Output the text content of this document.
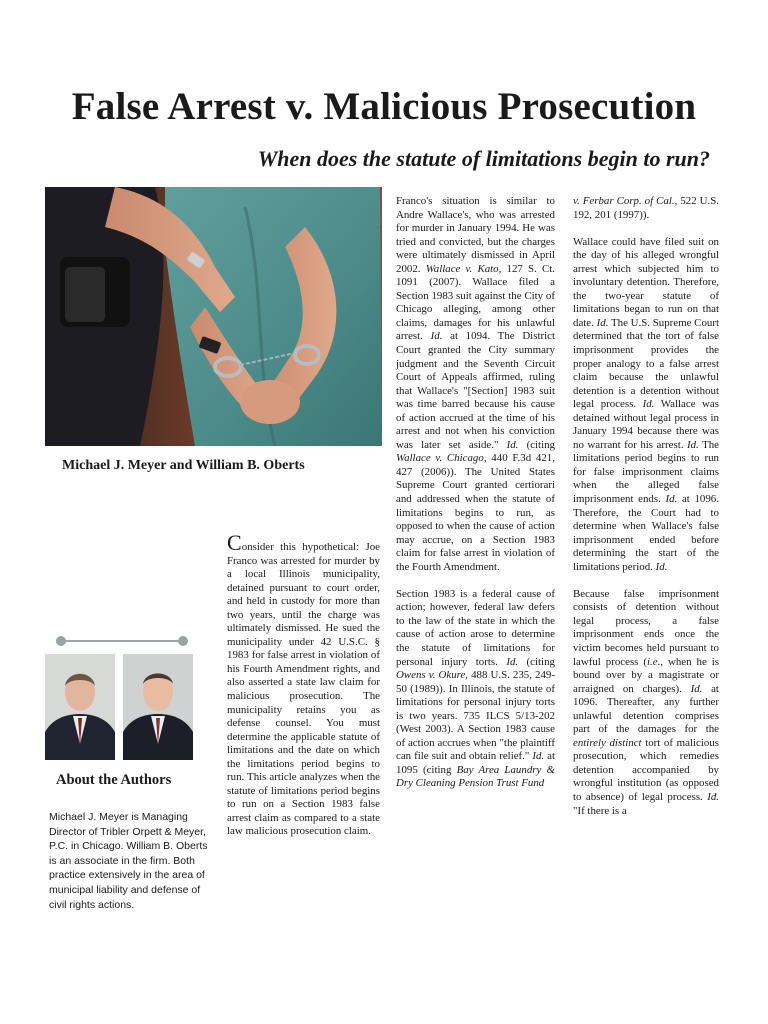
False Arrest v. Malicious Prosecution
When does the statute of limitations begin to run?

Michael J. Meyer and William B. Oberts

Consider this hypothetical: Joe Franco was arrested for murder by a local Illinois municipality, detained pursuant to court order, and held in custody for more than two years, until the charge was ultimately dismissed. He sued the municipality under 42 U.S.C. § 1983 for false arrest in violation of his Fourth Amendment rights, and also asserted a state law claim for malicious prosecution. The municipality retains you as defense counsel. You must determine the applicable statute of limitations and the date on which the limitations period begins to run. This article analyzes when the statute of limitations period begins to run on a Section 1983 false arrest claim as compared to a state law malicious prosecution claim.

About the Authors

Michael J. Meyer is Managing Director of Tribler Orpett & Meyer, P.C. in Chicago. William B. Oberts is an associate in the firm. Both practice extensively in the area of municipal liability and defense of civil rights actions.

Franco's situation is similar to Andre Wallace's, who was arrested for murder in January 1994. He was tried and convicted, but the charges were ultimately dismissed in April 2002. Wallace v. Kato, 127 S. Ct. 1091 (2007). Wallace filed a Section 1983 suit against the City of Chicago alleging, among other claims, damages for his unlawful arrest. Id. at 1094. The District Court granted the City summary judgment and the Seventh Circuit Court of Appeals affirmed, ruling that Wallace's "[Section] 1983 suit was time barred because his cause of action accrued at the time of his arrest and not when his conviction was later set aside." Id. (citing Wallace v. Chicago, 440 F.3d 421, 427 (2006)). The United States Supreme Court granted certiorari and addressed when the statute of limitations begins to run, as opposed to when the cause of action may accrue, on a Section 1983 claim for false arrest in violation of the Fourth Amendment.

Section 1983 is a federal cause of action; however, federal law defers to the law of the state in which the cause of action arose to determine the statute of limitations for personal injury torts. Id. (citing Owens v. Okure, 488 U.S. 235, 249-50 (1989)). In Illinois, the statute of limitations for personal injury torts is two years. 735 ILCS 5/13-202 (West 2003). A Section 1983 cause of action accrues when "the plaintiff can file suit and obtain relief." Id. at 1095 (citing Bay Area Laundry & Dry Cleaning Pension Trust Fund

v. Ferbar Corp. of Cal., 522 U.S. 192, 201 (1997)).

Wallace could have filed suit on the day of his alleged wrongful arrest which subjected him to involuntary detention. Therefore, the two-year statute of limitations began to run on that date. Id. The U.S. Supreme Court determined that the tort of false imprisonment provides the proper analogy to a false arrest claim because the unlawful detention is a detention without legal process. Id. Wallace was detained without legal process in January 1994 because there was no warrant for his arrest. Id. The limitations period begins to run for false imprisonment claims when the alleged false imprisonment ends. Id. at 1096. Therefore, the Court had to determine when Wallace's false imprisonment ended before determining the start of the limitations period. Id.

Because false imprisonment consists of detention without legal process, a false imprisonment ends once the victim becomes held pursuant to lawful process (i.e., when he is bound over by a magistrate or arraigned on charges). Id. at 1096. Thereafter, any further unlawful detention comprises part of the damages for the entirely distinct tort of malicious prosecution, which remedies detention accompanied by wrongful institution (as opposed to absence) of legal process. Id. "If there is a
